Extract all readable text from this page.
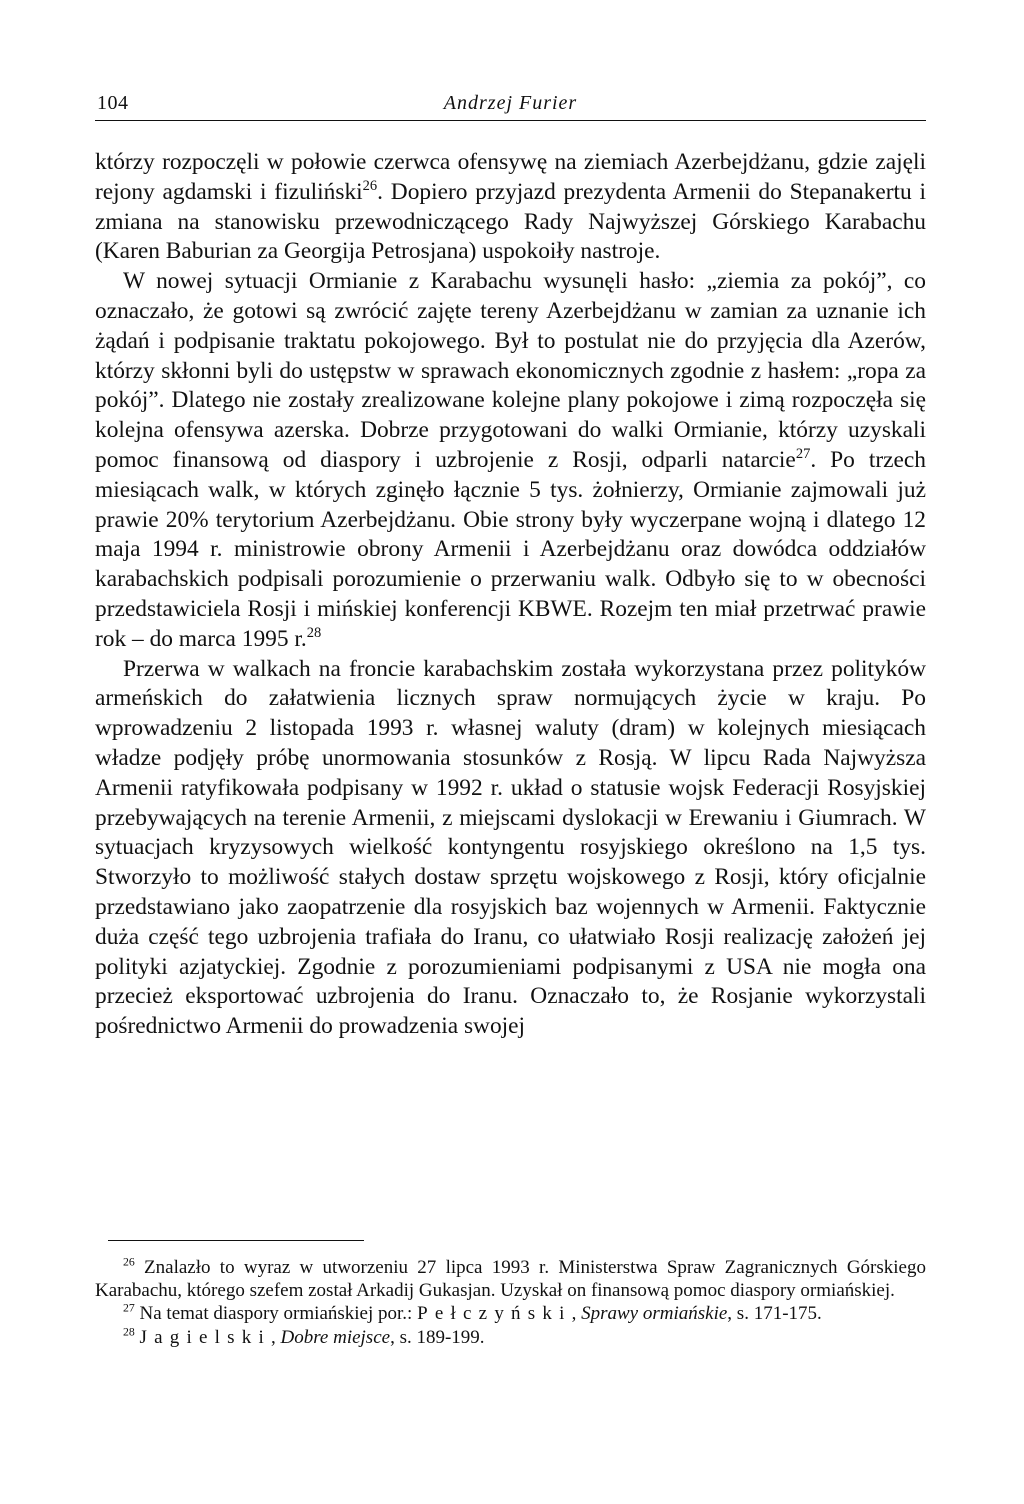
104	Andrzej Furier

którzy rozpoczęli w połowie czerwca ofensywę na ziemiach Azerbejdżanu, gdzie zajęli rejony agdamski i fizuliński$^{26}$. Dopiero przyjazd prezydenta Armenii do Stepanakertu i zmiana na stanowisku przewodniczącego Rady Najwyższej Górskiego Karabachu (Karen Baburian za Georgija Petrosjana) uspokoiły nastroje.

W nowej sytuacji Ormianie z Karabachu wysunęli hasło: „ziemia za pokój”, co oznaczało, że gotowi są zwrócić zajęte tereny Azerbejdżanu w zamian za uznanie ich żądań i podpisanie traktatu pokojowego. Był to postulat nie do przyjęcia dla Azerów, którzy skłonni byli do ustępstw w sprawach ekonomicznych zgodnie z hasłem: „ropa za pokój”. Dlatego nie zostały zrealizowane kolejne plany pokojowe i zimą rozpoczęła się kolejna ofensywa azerska. Dobrze przygotowani do walki Ormianie, którzy uzyskali pomoc finansową od diaspory i uzbrojenie z Rosji, odparli natarcie$^{27}$. Po trzech miesiącach walk, w których zginęło łącznie 5 tys. żołnierzy, Ormianie zajmowali już prawie 20% terytorium Azerbejdżanu. Obie strony były wyczerpane wojną i dlatego 12 maja 1994 r. ministrowie obrony Armenii i Azerbejdżanu oraz dowódca oddziałów karabachskich podpisali porozumienie o przerwaniu walk. Odbyło się to w obecności przedstawiciela Rosji i mińskiej konferencji KBWE. Rozejm ten miał przetrwać prawie rok – do marca 1995 r.$^{28}$

Przerwa w walkach na froncie karabachskim została wykorzystana przez polityków armeńskich do załatwienia licznych spraw normujących życie w kraju. Po wprowadzeniu 2 listopada 1993 r. własnej waluty (dram) w kolejnych miesiącach władze podjęły próbę unormowania stosunków z Rosją. W lipcu Rada Najwyższa Armenii ratyfikowała podpisany w 1992 r. układ o statusie wojsk Federacji Rosyjskiej przebywających na terenie Armenii, z miejscami dyslokacji w Erewaniu i Giumrach. W sytuacjach kryzysowych wielkość kontyngentu rosyjskiego określono na 1,5 tys. Stworzyło to możliwość stałych dostaw sprzętu wojskowego z Rosji, który oficjalnie przedstawiano jako zaopatrzenie dla rosyjskich baz wojennych w Armenii. Faktycznie duża część tego uzbrojenia trafiała do Iranu, co ułatwiało Rosji realizację założeń jej polityki azjatyckiej. Zgodnie z porozumieniami podpisanymi z USA nie mogła ona przecież eksportować uzbrojenia do Iranu. Oznaczało to, że Rosjanie wykorzystali pośrednictwo Armenii do prowadzenia swojej

$^{26}$ Znalazło to wyraz w utworzeniu 27 lipca 1993 r. Ministerstwa Spraw Zagranicznych Górskiego Karabachu, którego szefem został Arkadij Gukasjan. Uzyskał on finansową pomoc diaspory ormiańskiej.

$^{27}$ Na temat diaspory ormiańskiej por.: Pełczyński, Sprawy ormiańskie, s. 171-175.

$^{28}$ Jagielski, Dobre miejsce, s. 189-199.
